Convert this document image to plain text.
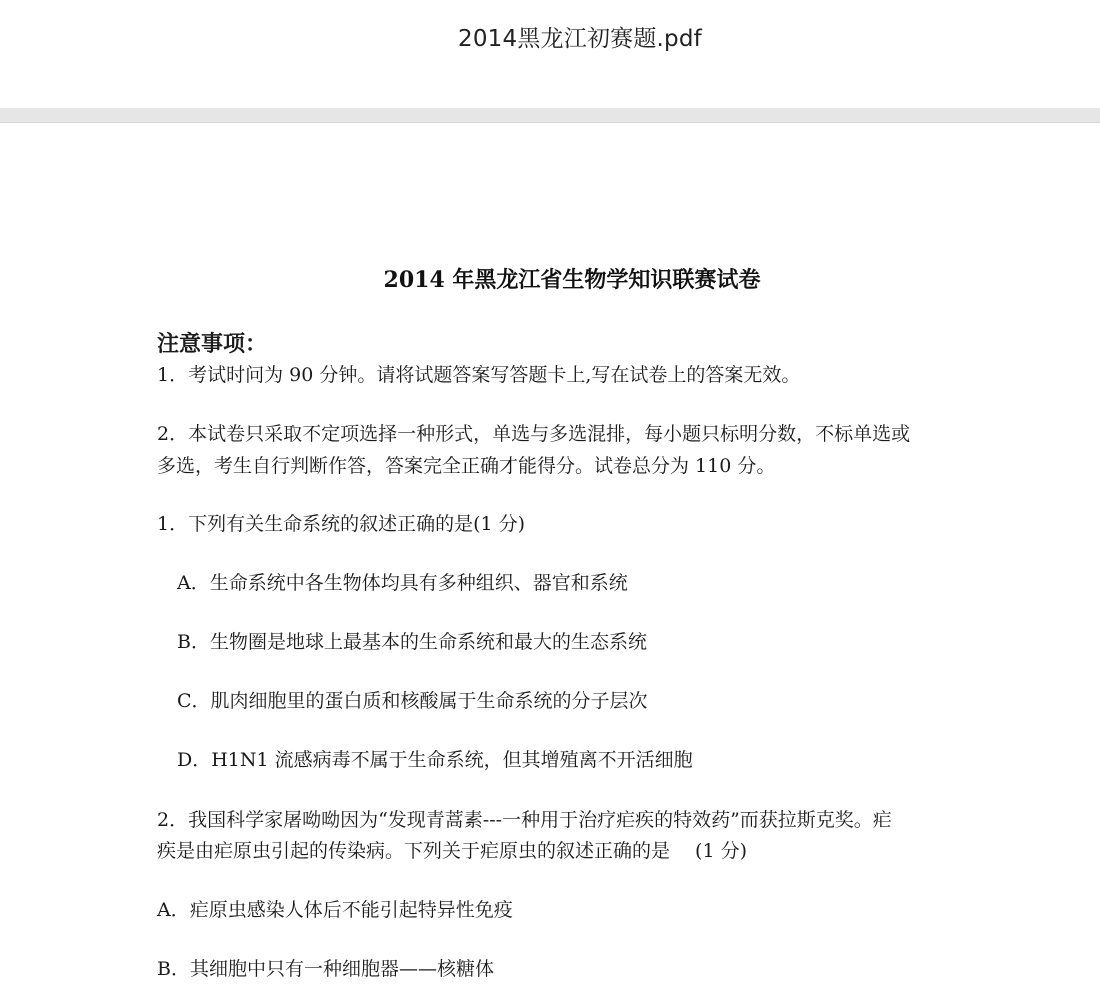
2014黑龙江初赛题.pdf
2014 年黑龙江省生物学知识联赛试卷
注意事项：
1．考试时问为 90 分钟。请将试题答案写答题卡上,写在试卷上的答案无效。
2．本试卷只采取不定项选择一种形式，单选与多选混排，每小题只标明分数，不标单选或
多选，考生自行判断作答，答案完全正确才能得分。试卷总分为 110 分。
1．下列有关生命系统的叙述正确的是(1 分)
A．生命系统中各生物体均具有多种组织、器官和系统
B．生物圈是地球上最基本的生命系统和最大的生态系统
C．肌肉细胞里的蛋白质和核酸属于生命系统的分子层次
D．H1N1 流感病毒不属于生命系统，但其增殖离不开活细胞
2．我国科学家屠呦呦因为“发现青蒿素---一种用于治疗疟疾的特效药”而获拉斯克奖。疟
疾是由疟原虫引起的传染病。下列关于疟原虫的叙述正确的是　 (1 分)
A．疟原虫感染人体后不能引起特异性免疫
B．其细胞中只有一种细胞器——核糖体
